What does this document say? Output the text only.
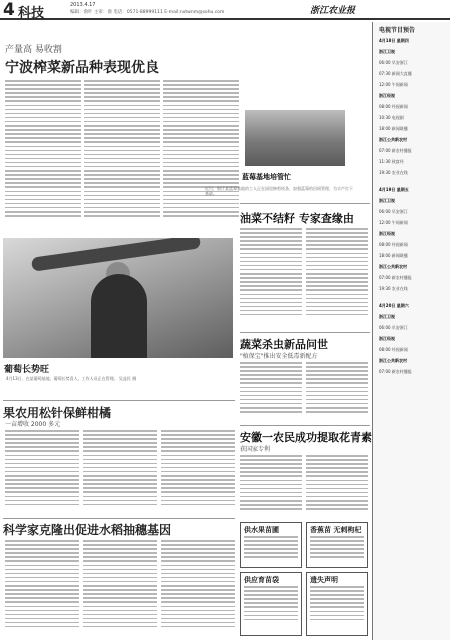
4 科技
2013.4.17
编辑：俞叶 主审：俞 电话：0571-88999111 E-mail:nxtwnm@sohu.com	浙江农业报
产量高 易收割
宁波榨菜新品种表现优良
蓝莓基地培管忙
近日，浙江某蓝莓基地的工人正在园里修剪枝条，加强蓝莓的田间管理，为丰产打下基础。
葡萄长势旺
4月13日，在某葡萄基地，葡萄长势喜人，工作人员正在管理。 吴益民 摄
油菜不结籽 专家查缘由
蔬菜杀虫新品问世
"植保宝"推出安全低毒新配方
安徽一农民成功提取花青素
获国家专利
果农用松针保鲜柑橘
一亩增收 2000 多元
科学家克隆出促进水稻抽穗基因	供水果苗圃	香蕉苗 无刺枸杞
供应育苗袋	遗失声明
电视节目预告
4月18日 星期四
浙江卫视
06:00 早安浙江
07:30 新闻大直播
12:00 午间新闻
浙江经视
08:00 经视新闻
10:30 电视剧
18:00 新闻联播
浙江公共新农村
07:00 新农村播报
11:30 致富经
19:30 农业在线
4月19日 星期五
浙江卫视
06:00 早安浙江
12:00 午间新闻
浙江经视
08:00 经视新闻
18:00 新闻联播
浙江公共新农村
07:00 新农村播报
19:30 农业在线
4月20日 星期六
浙江卫视
06:00 早安浙江
浙江经视
08:00 经视新闻
浙江公共新农村
07:00 新农村播报
